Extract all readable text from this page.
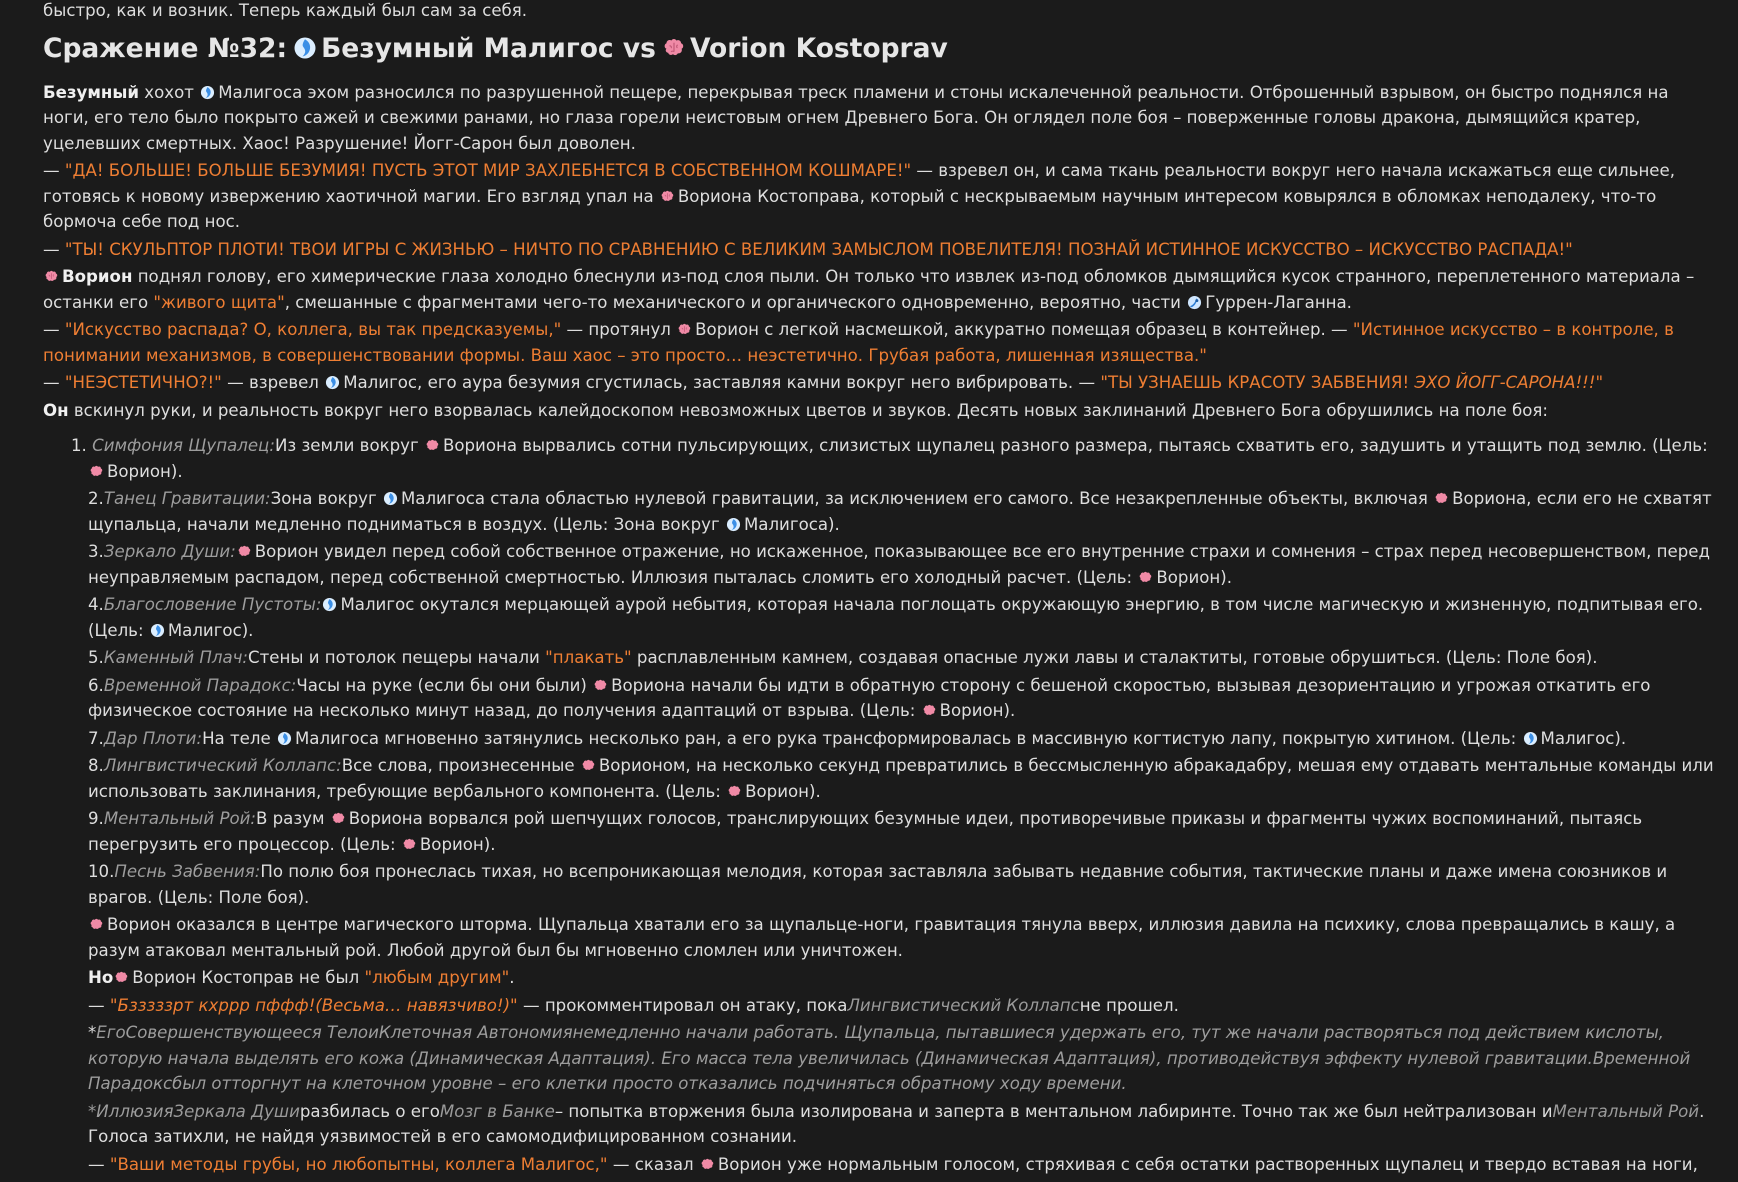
быстро, как и возник. Теперь каждый был сам за себя.

Сражение №32: Безумный Малигос vs Vorion Kostoprav

Безумный хохот
Малигоса эхом разносился по разрушенной пещере, перекрывая треск пламени и стоны искалеченной реальности. Отброшенный взрывом, он быстро поднялся на ноги, его тело было покрыто сажей и свежими ранами, но глаза горели неистовым огнем Древнего Бога. Он оглядел поле боя – поверженные головы дракона, дымящийся кратер, уцелевших смертных. Хаос! Разрушение! Йогг-Сарон был доволен.

— "ДА! БОЛЬШЕ! БОЛЬШЕ БЕЗУМИЯ! ПУСТЬ ЭТОТ МИР ЗАХЛЕБНЕТСЯ В СОБСТВЕННОМ КОШМАРЕ!" — взревел он, и сама ткань реальности вокруг него начала искажаться еще сильнее, готовясь к новому извержению хаотичной магии. Его взгляд упал на
Вориона Костоправа, который с нескрываемым научным интересом ковырялся в обломках неподалеку, что-то бормоча себе под нос.

— "ТЫ! СКУЛЬПТОР ПЛОТИ! ТВОИ ИГРЫ С ЖИЗНЬЮ – НИЧТО ПО СРАВНЕНИЮ С ВЕЛИКИМ ЗАМЫСЛОМ ПОВЕЛИТЕЛЯ! ПОЗНАЙ ИСТИННОЕ ИСКУССТВО – ИСКУССТВО РАСПАДА!"

Ворион поднял голову, его химерические глаза холодно блеснули из-под слоя пыли. Он только что извлек из-под обломков дымящийся кусок странного, переплетенного материала – останки его "живого щита", смешанные с фрагментами чего-то механического и органического одновременно, вероятно, части
Гуррен-Лаганна.

— "Искусство распада? О, коллега, вы так предсказуемы," — протянул
Ворион с легкой насмешкой, аккуратно помещая образец в контейнер. — "Истинное искусство – в контроле, в понимании механизмов, в совершенствовании формы. Ваш хаос – это просто… неэстетично. Грубая работа, лишенная изящества."

— "НЕЭСТЕТИЧНО?!" — взревел
Малигос, его аура безумия сгустилась, заставляя камни вокруг него вибрировать. — "ТЫ УЗНАЕШЬ КРАСОТУ ЗАБВЕНИЯ! ЭХО ЙОГГ-САРОНА!!!"

Он вскинул руки, и реальность вокруг него взорвалась калейдоскопом невозможных цветов и звуков. Десять новых заклинаний Древнего Бога обрушились на поле боя:

1. Симфония Щупалец:Из земли вокруг
Вориона вырвались сотни пульсирующих, слизистых щупалец разного размера, пытаясь схватить его, задушить и утащить под землю. (Цель:
Ворион).

2.Танец Гравитации:Зона вокруг
Малигоса стала областью нулевой гравитации, за исключением его самого. Все незакрепленные объекты, включая
Вориона, если его не схватят щупальца, начали медленно подниматься в воздух. (Цель: Зона вокруг
Малигоса).

3.Зеркало Души: Ворион увидел перед собой собственное отражение, но искаженное, показывающее все его внутренние страхи и сомнения – страх перед несовершенством, перед неуправляемым распадом, перед собственной смертностью. Иллюзия пыталась сломить его холодный расчет. (Цель:
Ворион).

4.Благословение Пустоты: Малигос окутался мерцающей аурой небытия, которая начала поглощать окружающую энергию, в том числе магическую и жизненную, подпитывая его. (Цель:
Малигос).

5.Каменный Плач:Стены и потолок пещеры начали "плакать" расплавленным камнем, создавая опасные лужи лавы и сталактиты, готовые обрушиться. (Цель: Поле боя).

6.Временной Парадокс:Часы на руке (если бы они были)
Вориона начали бы идти в обратную сторону с бешеной скоростью, вызывая дезориентацию и угрожая откатить его физическое состояние на несколько минут назад, до получения адаптаций от взрыва. (Цель:
Ворион).

7.Дар Плоти:На теле
Малигоса мгновенно затянулись несколько ран, а его рука трансформировалась в массивную когтистую лапу, покрытую хитином. (Цель:
Малигос).

8.Лингвистический Коллапс:Все слова, произнесенные
Ворионом, на несколько секунд превратились в бессмысленную абракадабру, мешая ему отдавать ментальные команды или использовать заклинания, требующие вербального компонента. (Цель:
Ворион).

9.Ментальный Рой:В разум
Вориона ворвался рой шепчущих голосов, транслирующих безумные идеи, противоречивые приказы и фрагменты чужих воспоминаний, пытаясь перегрузить его процессор. (Цель:
Ворион).

10.Песнь Забвения:По полю боя пронеслась тихая, но всепроникающая мелодия, которая заставляла забывать недавние события, тактические планы и даже имена союзников и врагов. (Цель: Поле боя).

Ворион оказался в центре магического шторма. Щупальца хватали его за щупальце-ноги, гравитация тянула вверх, иллюзия давила на психику, слова превращались в кашу, а разум атаковал ментальный рой. Любой другой был бы мгновенно сломлен или уничтожен.

Но Ворион Костоправ не был "любым другим".

— "Бзззззрт кхррр пффф!(Весьма… навязчиво!)" — прокомментировал он атаку, покаЛингвистический Коллапсне прошел.

*ЕгоСовершенствующееся ТелоиКлеточная Автономиянемедленно начали работать. Щупальца, пытавшиеся удержать его, тут же начали растворяться под действием кислоты, которую начала выделять его кожа (Динамическая Адаптация). Его масса тела увеличилась (Динамическая Адаптация), противодействуя эффекту нулевой гравитации.Временной Парадоксбыл отторгнут на клеточном уровне – его клетки просто отказались подчиняться обратному ходу времени.

*ИллюзияЗеркала Душиразбилась о егоМозг в Банке– попытка вторжения была изолирована и заперта в ментальном лабиринте. Точно так же был нейтрализован иМентальный Рой. Голоса затихли, не найдя уязвимостей в его самомодифицированном сознании.

— "Ваши методы грубы, но любопытны, коллега Малигос," — сказал
Ворион уже нормальным голосом, стряхивая с себя остатки растворенных щупалец и твердо вставая на ноги,
